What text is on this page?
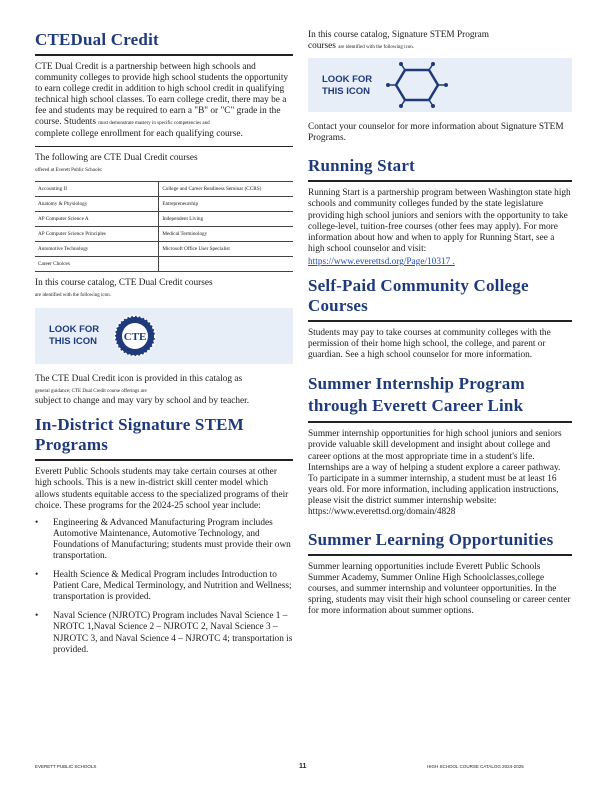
CTEDual Credit

CTE Dual Credit is a partnership between high schools and community colleges to provide high school students the opportunity to earn college credit in addition to high school credit in qualifying technical high school classes. To earn college credit, there may be a fee and students may be required to earn a "B" or "C" grade in the course. Students must demonstrate mastery in specific competencies and
complete college enrollment for each qualifying course.

The following are CTE Dual Credit courses
offered at Everett Public Schools:

Accounting II	College and Career Readiness Seminar (CCRS)
Anatomy & Physiology	Entrepreneurship
AP Computer Science A	Independent Living
AP Computer Science Principles	Medical Terminology
Automotive Technology	Microsoft Office User Specialist
Career Choices	

In this course catalog, CTE Dual Credit courses
are identified with the following icon.

LOOK FOR
THIS ICON CTE

The CTE Dual Credit icon is provided in this catalog as
general guidance; CTE Dual Credit course offerings are
subject to change and may vary by school and by teacher.

In-District Signature STEM Programs

Everett Public Schools students may take certain courses at other high schools. This is a new in-district skill center model which allows students equitable access to the specialized programs of their choice. These programs for the 2024-25 school year include:

• Engineering & Advanced Manufacturing Program includes Automotive Maintenance, Automotive Technology, and Foundations of Manufacturing; students must provide their own transportation.
• Health Science & Medical Program includes Introduction to Patient Care, Medical Terminology, and Nutrition and Wellness; transportation is provided.
• Naval Science (NJROTC) Program includes Naval Science 1 – NROTC 1,Naval Science 2 – NJROTC 2, Naval Science 3 – NJROTC 3, and Naval Science 4 – NJROTC 4; transportation is provided.

In this course catalog, Signature STEM Program
courses are identified with the following icon.

LOOK FOR
THIS ICON

Contact your counselor for more information about Signature STEM Programs.

Running Start

Running Start is a partnership program between Washington state high schools and community colleges funded by the state legislature providing high school juniors and seniors with the opportunity to take college-level, tuition-free courses (other fees may apply). For more information about how and when to apply for Running Start, see a high school counselor and visit:

https://www.everettsd.org/Page/10317 .

Self-Paid Community College Courses

Students may pay to take courses at community colleges with the permission of their home high school, the college, and parent or guardian. See a high school counselor for more information.

Summer Internship Program through Everett Career Link

Summer internship opportunities for high school juniors and seniors provide valuable skill development and insight about college and career options at the most appropriate time in a student's life. Internships are a way of helping a student explore a career pathway. To participate in a summer internship, a student must be at least 16 years old. For more information, including application instructions, please visit the district summer internship website: https://www.everettsd.org/domain/4828

Summer Learning Opportunities

Summer learning opportunities include Everett Public Schools Summer Academy, Summer Online High Schoolclasses,college courses, and summer internship and volunteer opportunities. In the spring, students may visit their high school counseling or career center for more information about summer options.

EVERETT PUBLIC SCHOOLS	11	HIGH SCHOOL COURSE CATALOG 2024-2025
